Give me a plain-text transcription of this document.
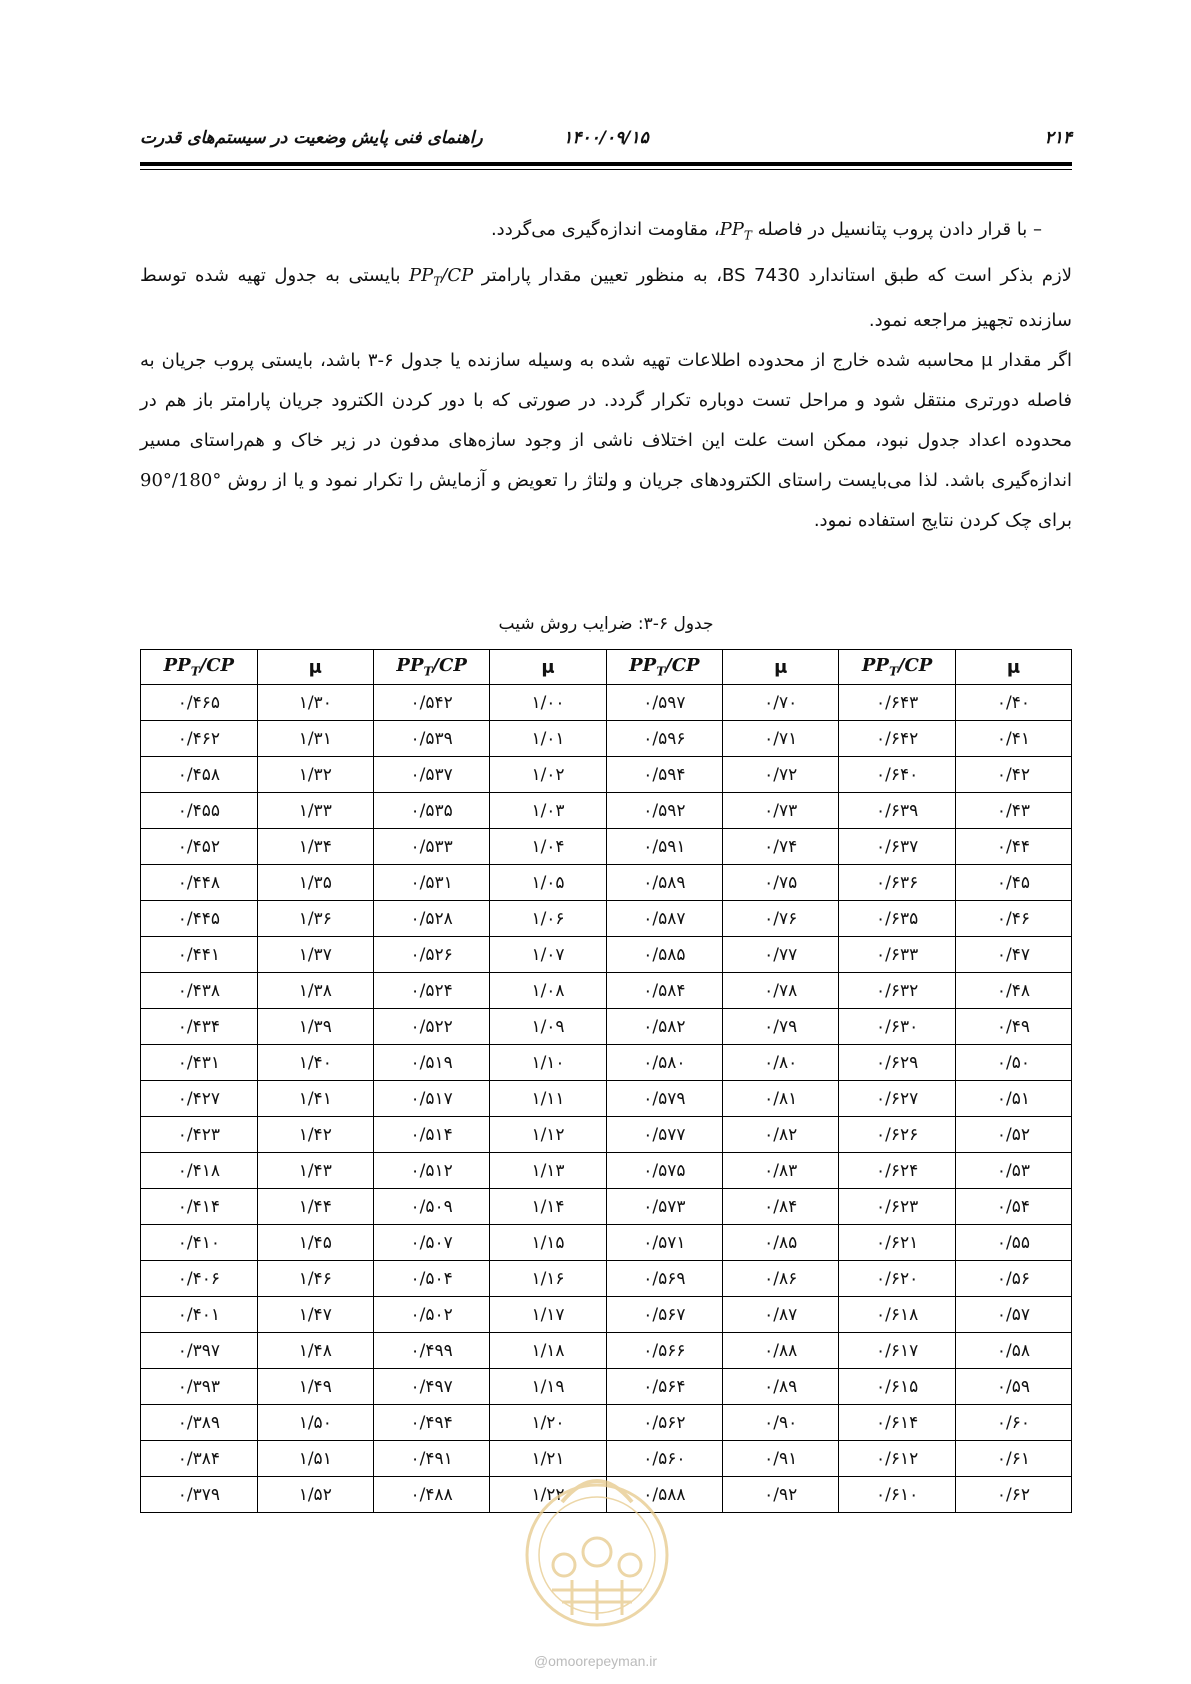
۲۱۴
۱۴۰۰/۰۹/۱۵
راهنمای فنی پایش وضعیت در سیستم‌های قدرت

– با قرار دادن پروب پتانسیل در فاصله $PP_T،$ مقاومت اندازه‌گیری می‌گردد.

لازم بذکر است که طبق استاندارد BS 7430، به منظور تعیین مقدار پارامتر $PP_T/CP$ بایستی به جدول تهیه شده توسط سازنده تجهیز مراجعه نمود.

اگر مقدار μ محاسبه شده خارج از محدوده اطلاعات تهیه شده به وسیله سازنده یا جدول ۶-۳ باشد، بایستی پروب جریان به فاصله دورتری منتقل شود و مراحل تست دوباره تکرار گردد. در صورتی که با دور کردن الکترود جریان پارامتر باز هم در محدوده اعداد جدول نبود، ممکن است علت این اختلاف ناشی از وجود سازه‌های مدفون در زیر خاک و هم‌راستای مسیر اندازه‌گیری باشد. لذا می‌بایست راستای الکترودهای جریان و ولتاژ را تعویض و آزمایش را تکرار نمود و یا از روش 90°/180° برای چک کردن نتایج استفاده نمود.

جدول ۶-۳: ضرایب روش شیب
μ	$PP_T/CP$	μ	$PP_T/CP$	μ	$PP_T/CP$	μ	$PP_T/CP$
۰/۴۰	۰/۶۴۳	۰/۷۰	۰/۵۹۷	۱/۰۰	۰/۵۴۲	۱/۳۰	۰/۴۶۵
۰/۴۱	۰/۶۴۲	۰/۷۱	۰/۵۹۶	۱/۰۱	۰/۵۳۹	۱/۳۱	۰/۴۶۲
۰/۴۲	۰/۶۴۰	۰/۷۲	۰/۵۹۴	۱/۰۲	۰/۵۳۷	۱/۳۲	۰/۴۵۸
۰/۴۳	۰/۶۳۹	۰/۷۳	۰/۵۹۲	۱/۰۳	۰/۵۳۵	۱/۳۳	۰/۴۵۵
۰/۴۴	۰/۶۳۷	۰/۷۴	۰/۵۹۱	۱/۰۴	۰/۵۳۳	۱/۳۴	۰/۴۵۲
۰/۴۵	۰/۶۳۶	۰/۷۵	۰/۵۸۹	۱/۰۵	۰/۵۳۱	۱/۳۵	۰/۴۴۸
۰/۴۶	۰/۶۳۵	۰/۷۶	۰/۵۸۷	۱/۰۶	۰/۵۲۸	۱/۳۶	۰/۴۴۵
۰/۴۷	۰/۶۳۳	۰/۷۷	۰/۵۸۵	۱/۰۷	۰/۵۲۶	۱/۳۷	۰/۴۴۱
۰/۴۸	۰/۶۳۲	۰/۷۸	۰/۵۸۴	۱/۰۸	۰/۵۲۴	۱/۳۸	۰/۴۳۸
۰/۴۹	۰/۶۳۰	۰/۷۹	۰/۵۸۲	۱/۰۹	۰/۵۲۲	۱/۳۹	۰/۴۳۴
۰/۵۰	۰/۶۲۹	۰/۸۰	۰/۵۸۰	۱/۱۰	۰/۵۱۹	۱/۴۰	۰/۴۳۱
۰/۵۱	۰/۶۲۷	۰/۸۱	۰/۵۷۹	۱/۱۱	۰/۵۱۷	۱/۴۱	۰/۴۲۷
۰/۵۲	۰/۶۲۶	۰/۸۲	۰/۵۷۷	۱/۱۲	۰/۵۱۴	۱/۴۲	۰/۴۲۳
۰/۵۳	۰/۶۲۴	۰/۸۳	۰/۵۷۵	۱/۱۳	۰/۵۱۲	۱/۴۳	۰/۴۱۸
۰/۵۴	۰/۶۲۳	۰/۸۴	۰/۵۷۳	۱/۱۴	۰/۵۰۹	۱/۴۴	۰/۴۱۴
۰/۵۵	۰/۶۲۱	۰/۸۵	۰/۵۷۱	۱/۱۵	۰/۵۰۷	۱/۴۵	۰/۴۱۰
۰/۵۶	۰/۶۲۰	۰/۸۶	۰/۵۶۹	۱/۱۶	۰/۵۰۴	۱/۴۶	۰/۴۰۶
۰/۵۷	۰/۶۱۸	۰/۸۷	۰/۵۶۷	۱/۱۷	۰/۵۰۲	۱/۴۷	۰/۴۰۱
۰/۵۸	۰/۶۱۷	۰/۸۸	۰/۵۶۶	۱/۱۸	۰/۴۹۹	۱/۴۸	۰/۳۹۷
۰/۵۹	۰/۶۱۵	۰/۸۹	۰/۵۶۴	۱/۱۹	۰/۴۹۷	۱/۴۹	۰/۳۹۳
۰/۶۰	۰/۶۱۴	۰/۹۰	۰/۵۶۲	۱/۲۰	۰/۴۹۴	۱/۵۰	۰/۳۸۹
۰/۶۱	۰/۶۱۲	۰/۹۱	۰/۵۶۰	۱/۲۱	۰/۴۹۱	۱/۵۱	۰/۳۸۴
۰/۶۲	۰/۶۱۰	۰/۹۲	۰/۵۸۸	۱/۲۲	۰/۴۸۸	۱/۵۲	۰/۳۷۹
@omoorepeyman.ir
